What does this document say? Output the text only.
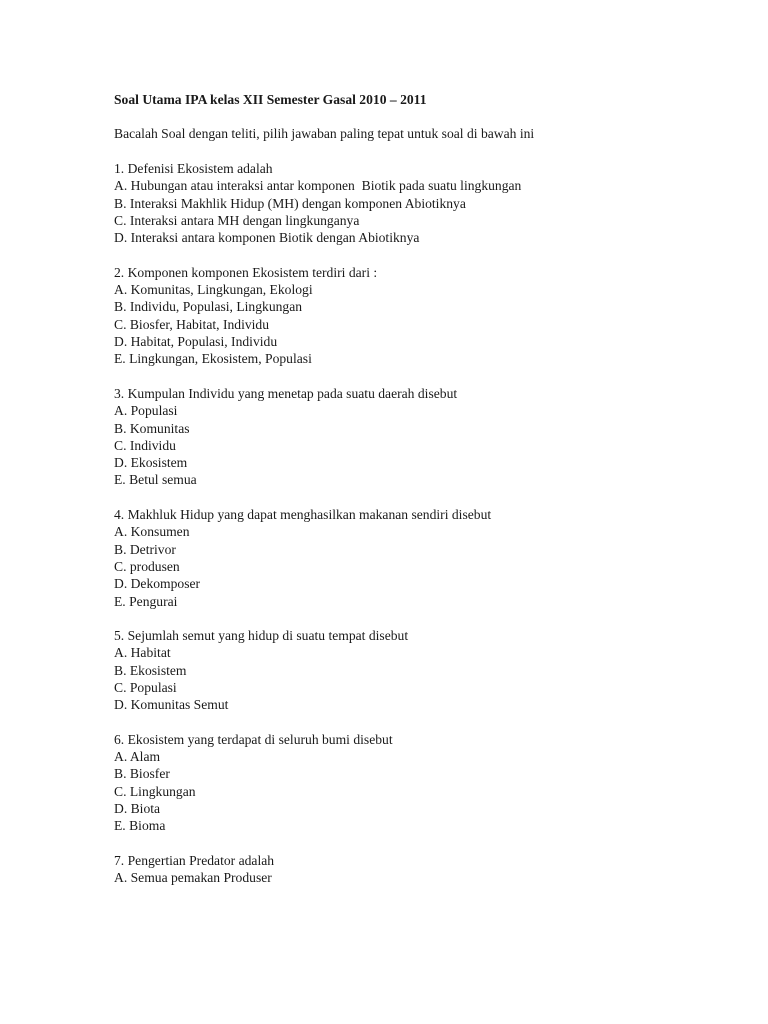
Soal Utama IPA kelas XII Semester Gasal 2010 – 2011
Bacalah Soal dengan teliti, pilih jawaban paling tepat untuk soal di bawah ini
1. Defenisi Ekosistem adalah
A. Hubungan atau interaksi antar komponen  Biotik pada suatu lingkungan
B. Interaksi Makhlik Hidup (MH) dengan komponen Abiotiknya
C. Interaksi antara MH dengan lingkunganya
D. Interaksi antara komponen Biotik dengan Abiotiknya
2. Komponen komponen Ekosistem terdiri dari :
A. Komunitas, Lingkungan, Ekologi
B. Individu, Populasi, Lingkungan
C. Biosfer, Habitat, Individu
D. Habitat, Populasi, Individu
E. Lingkungan, Ekosistem, Populasi
3. Kumpulan Individu yang menetap pada suatu daerah disebut
A. Populasi
B. Komunitas
C. Individu
D. Ekosistem
E. Betul semua
4. Makhluk Hidup yang dapat menghasilkan makanan sendiri disebut
A. Konsumen
B. Detrivor
C. produsen
D. Dekomposer
E. Pengurai
5. Sejumlah semut yang hidup di suatu tempat disebut
A. Habitat
B. Ekosistem
C. Populasi
D. Komunitas Semut
6. Ekosistem yang terdapat di seluruh bumi disebut
A. Alam
B. Biosfer
C. Lingkungan
D. Biota
E. Bioma
7. Pengertian Predator adalah
A. Semua pemakan Produser
